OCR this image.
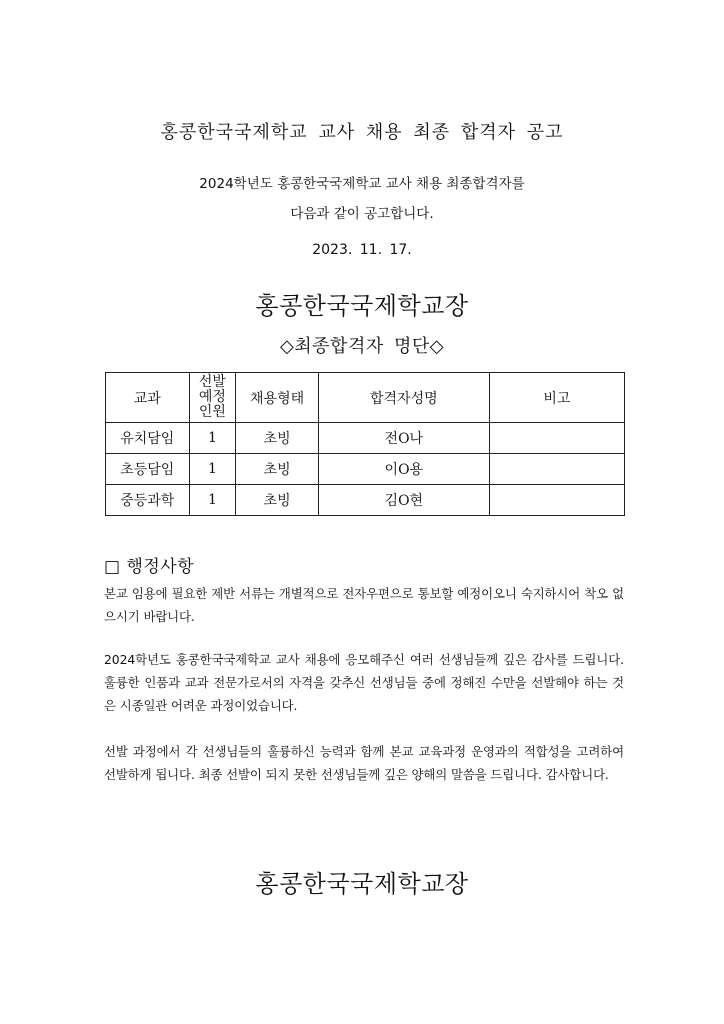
홍콩한국국제학교 교사 채용 최종 합격자 공고
2024학년도 홍콩한국국제학교 교사 채용 최종합격자를
다음과 같이 공고합니다.
2023. 11. 17.
홍콩한국국제학교장
◇최종합격자 명단◇
교과	선발
예정
인원	채용형태	합격자성명	비고
유치담임	1	초빙	전O나	
초등담임	1	초빙	이O용	
중등과학	1	초빙	김O현	
□ 행정사항
본교 임용에 필요한 제반 서류는 개별적으로 전자우편으로 통보할 예정이오니 숙지하시어 착오 없으시기 바랍니다.
2024학년도 홍콩한국국제학교 교사 채용에 응모해주신 여러 선생님들께 깊은 감사를 드립니다. 훌륭한 인품과 교과 전문가로서의 자격을 갖추신 선생님들 중에 정해진 수만을 선발해야 하는 것은 시종일관 어려운 과정이었습니다.
선발 과정에서 각 선생님들의 훌륭하신 능력과 함께 본교 교육과정 운영과의 적합성을 고려하여 선발하게 됩니다. 최종 선발이 되지 못한 선생님들께 깊은 양해의 말씀을 드립니다. 감사합니다.
홍콩한국국제학교장
